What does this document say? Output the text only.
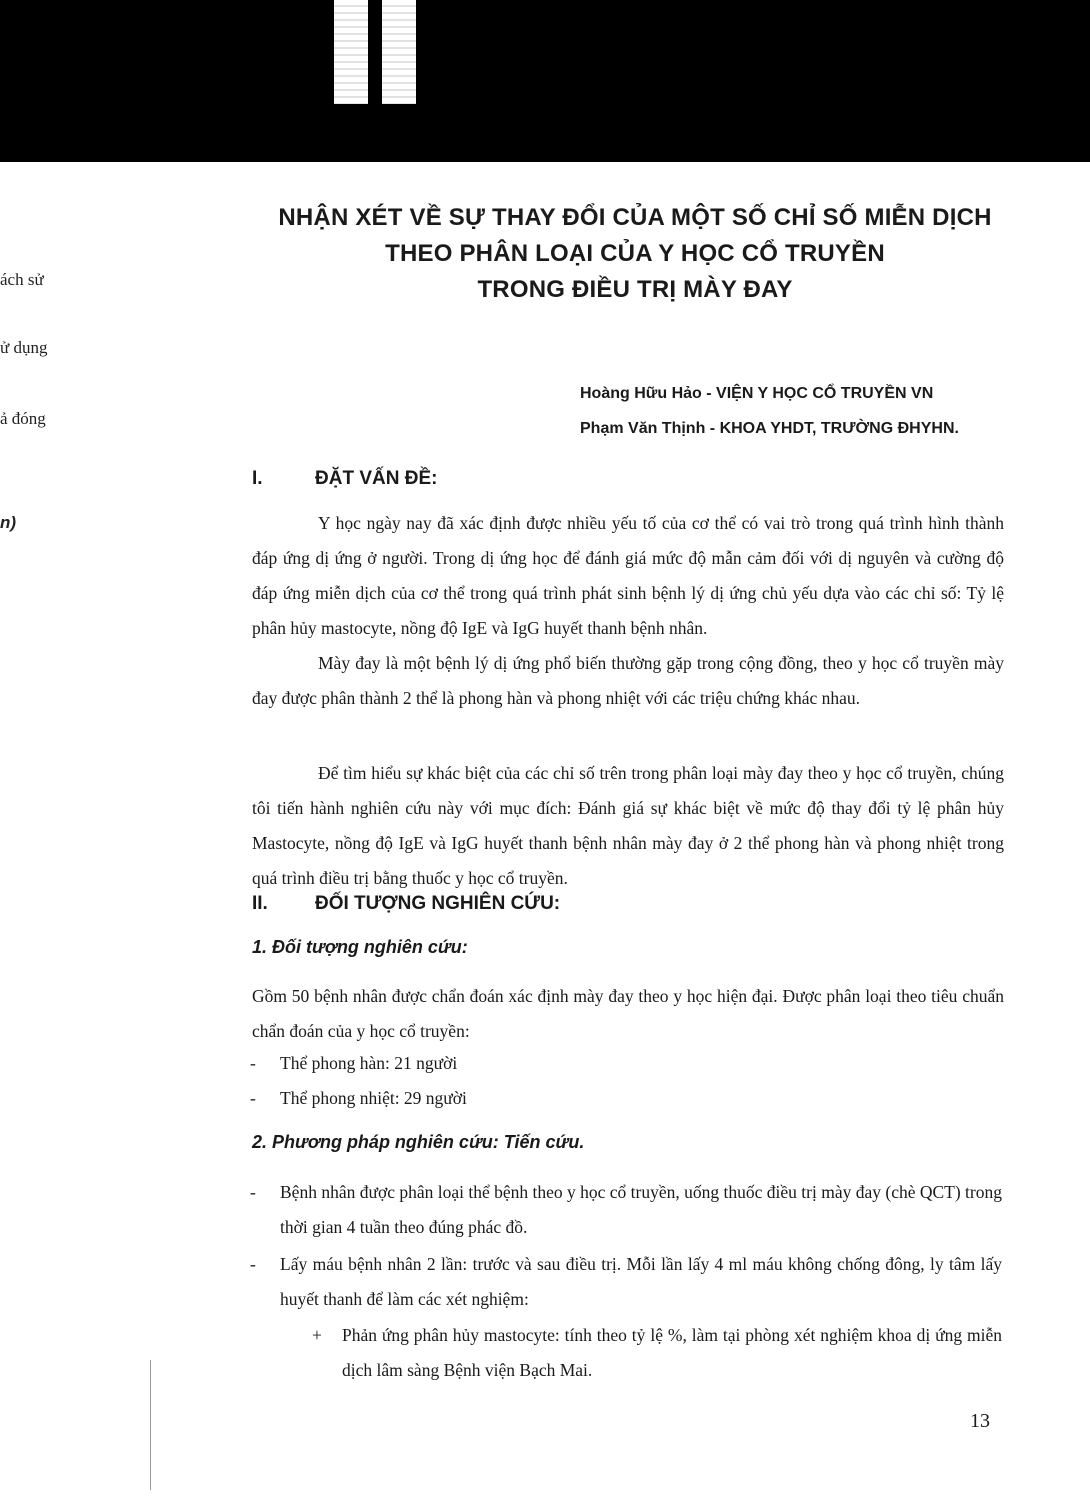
ách sử
ử dụng
ả đóng
n)
NHẬN XÉT VỀ SỰ THAY ĐỔI CỦA MỘT SỐ CHỈ SỐ MIỄN DỊCH
THEO PHÂN LOẠI CỦA Y HỌC CỔ TRUYỀN
TRONG ĐIỀU TRỊ MÀY ĐAY
Hoàng Hữu Hảo - VIỆN Y HỌC CỔ TRUYỀN VN
Phạm Văn Thịnh - KHOA YHDT, TRƯỜNG ĐHYHN.
I.	ĐẶT VẤN ĐỀ:
Y học ngày nay đã xác định được nhiều yếu tố của cơ thể có vai trò trong quá trình hình thành đáp ứng dị ứng ở người. Trong dị ứng học để đánh giá mức độ mẫn cảm đối với dị nguyên và cường độ đáp ứng miễn dịch của cơ thể trong quá trình phát sinh bệnh lý dị ứng chủ yếu dựa vào các chỉ số: Tỷ lệ phân hủy mastocyte, nồng độ IgE và IgG huyết thanh bệnh nhân.
Mày đay là một bệnh lý dị ứng phổ biến thường gặp trong cộng đồng, theo y học cổ truyền mày đay được phân thành 2 thể là phong hàn và phong nhiệt với các triệu chứng khác nhau.
Để tìm hiểu sự khác biệt của các chỉ số trên trong phân loại mày đay theo y học cổ truyền, chúng tôi tiến hành nghiên cứu này với mục đích: Đánh giá sự khác biệt về mức độ thay đổi tỷ lệ phân hủy Mastocyte, nồng độ IgE và IgG huyết thanh bệnh nhân mày đay ở 2 thể phong hàn và phong nhiệt trong quá trình điều trị bằng thuốc y học cổ truyền.
II. ĐỐI TƯỢNG NGHIÊN CỨU:
1. Đối tượng nghiên cứu:
Gồm 50 bệnh nhân được chẩn đoán xác định mày đay theo y học hiện đại. Được phân loại theo tiêu chuẩn chẩn đoán của y học cổ truyền:
- Thể phong hàn: 21 người
- Thể phong nhiệt: 29 người
2. Phương pháp nghiên cứu: Tiến cứu.
- Bệnh nhân được phân loại thể bệnh theo y học cổ truyền, uống thuốc điều trị mày đay (chè QCT) trong thời gian 4 tuần theo đúng phác đồ.
- Lấy máu bệnh nhân 2 lần: trước và sau điều trị. Mỗi lần lấy 4 ml máu không chống đông, ly tâm lấy huyết thanh để làm các xét nghiệm:
+ Phản ứng phân hủy mastocyte: tính theo tỷ lệ %, làm tại phòng xét nghiệm khoa dị ứng miễn dịch lâm sàng Bệnh viện Bạch Mai.
13
